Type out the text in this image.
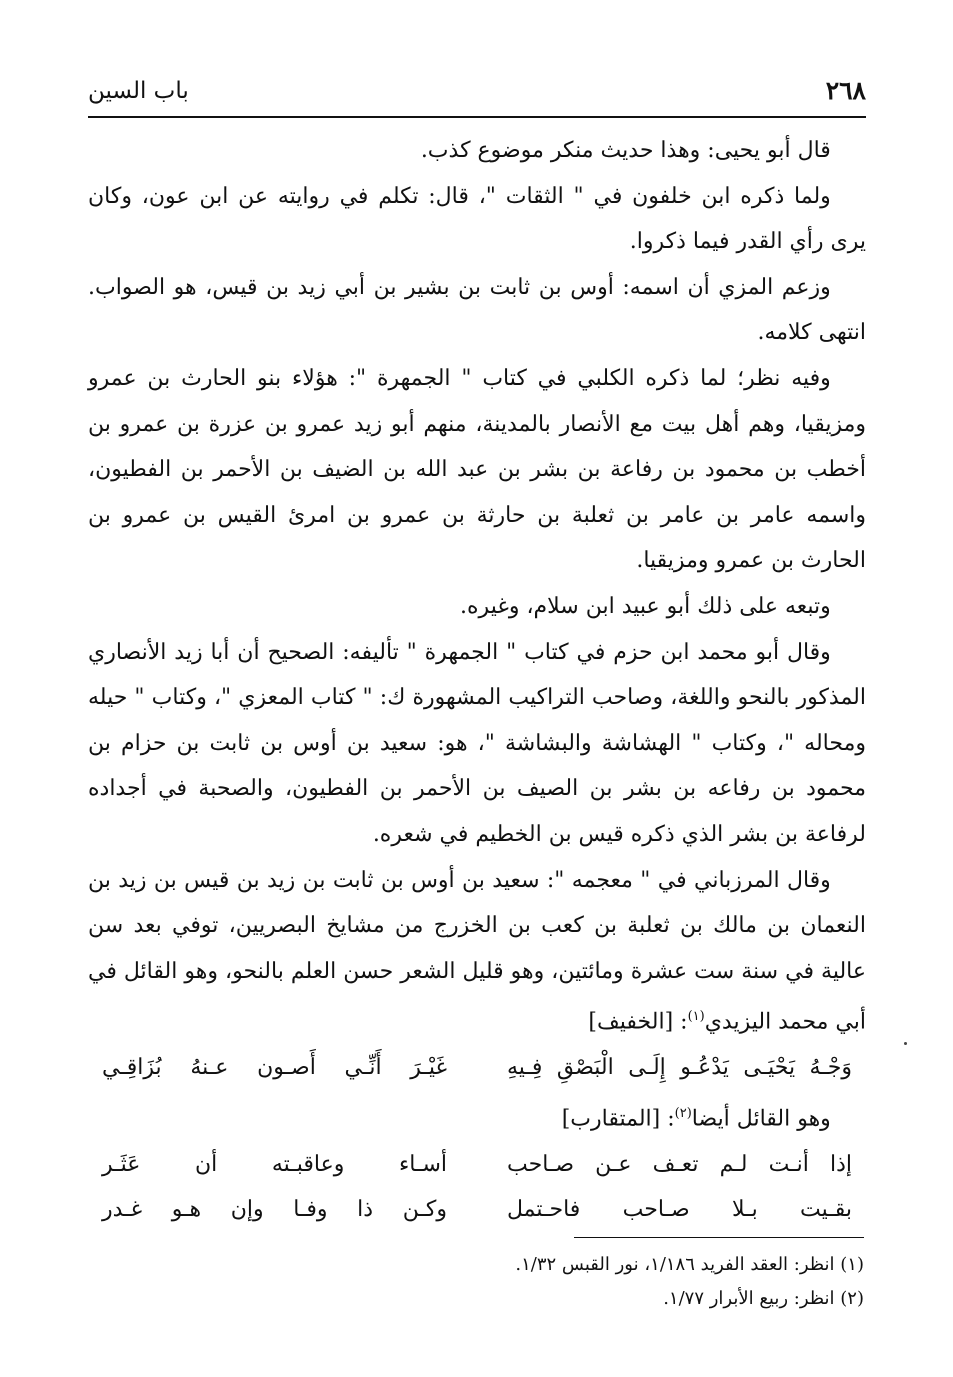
٢٦٨
باب السين

قال أبو يحيى: وهذا حديث منكر موضوع كذب.

ولما ذكره ابن خلفون في " الثقات "، قال: تكلم في روايته عن ابن عون، وكان يرى رأي القدر فيما ذكروا.

وزعم المزي أن اسمه: أوس بن ثابت بن بشير بن أبي زيد بن قيس، هو الصواب. انتهى كلامه.

وفيه نظر؛ لما ذكره الكلبي في كتاب " الجمهرة ": هؤلاء بنو الحارث بن عمرو ومزيقيا، وهم أهل بيت مع الأنصار بالمدينة، منهم أبو زيد عمرو بن عزرة بن عمرو بن أخطب بن محمود بن رفاعة بن بشر بن عبد الله بن الضيف بن الأحمر بن الفطيون، واسمه عامر بن عامر بن ثعلبة بن حارثة بن عمرو بن امرئ القيس بن عمرو بن الحارث بن عمرو ومزيقيا.

وتبعه على ذلك أبو عبيد ابن سلام، وغيره.

وقال أبو محمد ابن حزم في كتاب " الجمهرة " تأليفه: الصحيح أن أبا زيد الأنصاري المذكور بالنحو واللغة، وصاحب التراكيب المشهورة ك: " كتاب المعزي "، وكتاب " حيله ومحاله "، وكتاب " الهشاشة والبشاشة "، هو: سعيد بن أوس بن ثابت بن حزام بن محمود بن رفاعه بن بشر بن الصيف بن الأحمر بن الفطيون، والصحبة في أجداده لرفاعة بن بشر الذي ذكره قيس بن الخطيم في شعره.

وقال المرزباني في " معجمه ": سعيد بن أوس بن ثابت بن زيد بن قيس بن زيد بن النعمان بن مالك بن ثعلبة بن كعب بن الخزرج من مشايخ البصريين، توفي بعد سن عالية في سنة ست عشرة ومائتين، وهو قليل الشعر حسن العلم بالنحو، وهو القائل في أبي محمد اليزيدي$^{(١)}$: [الخفيف]

وَجْـهُ يَحْيَـى يَدْعُـو إِلَـى الْبَصْقِ فِـيهِ
غَيْـرَ أَنِّـي أَصـون عـنهُ بُزَاقِـي

وهو القائل أيضا$^{(٢)}$: [المتقارب]

إذا أنـت لـم تعـف عـن صـاحب
أسـاء وعاقبـته أن عَثَـر
بقـيت بـلا صـاحب فاحـتمل
وكـن ذا وفـا وإن هـو غـدر

(١) انظر: العقد الفريد ١/١٨٦، نور القبس ١/٣٢.

(٢) انظر: ربيع الأبرار ١/٧٧.
